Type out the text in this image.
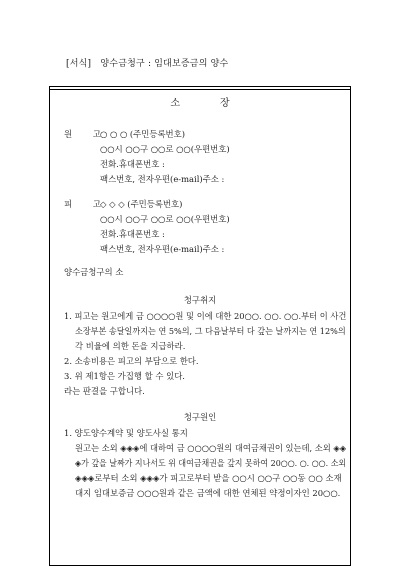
[서식]　양수금청구 : 임대보증금의 양수
소장
원 고
○ ○ ○ (주민등록번호)
○○시 ○○구 ○○로 ○○(우편번호)
전화.휴대폰번호 :
팩스번호, 전자우편(e-mail)주소 :
피 고
◇ ◇ ◇ (주민등록번호)
○○시 ○○구 ○○로 ○○(우편번호)
전화.휴대폰번호 :
팩스번호, 전자우편(e-mail)주소 :
양수금청구의 소
청구취지
1. 피고는 원고에게 금 ○○○○원 및 이에 대한 20○○. ○○. ○○.부터 이 사건
소장부본 송달일까지는 연 5%의, 그 다음날부터 다 갚는 날까지는 연 12%의
각 비율에 의한 돈을 지급하라.
2. 소송비용은 피고의 부담으로 한다.
3. 위 제1항은 가집행 할 수 있다.
라는 판결을 구합니다.
청구원인
1. 양도양수계약 및 양도사실 통지
원고는 소외 ◈◈◈에 대하여 금 ○○○○원의 대여금채권이 있는데, 소외 ◈◈
◈가 갚을 날짜가 지나서도 위 대여금채권을 갚지 못하여 20○○. ○. ○○. 소외
◈◈◈로부터 소외 ◈◈◈가 피고로부터 받을 ○○시 ○○구 ○○동 ○○ 소재
대지 임대보증금 ○○○원과 같은 금액에 대한 연체된 약정이자인 20○○.
